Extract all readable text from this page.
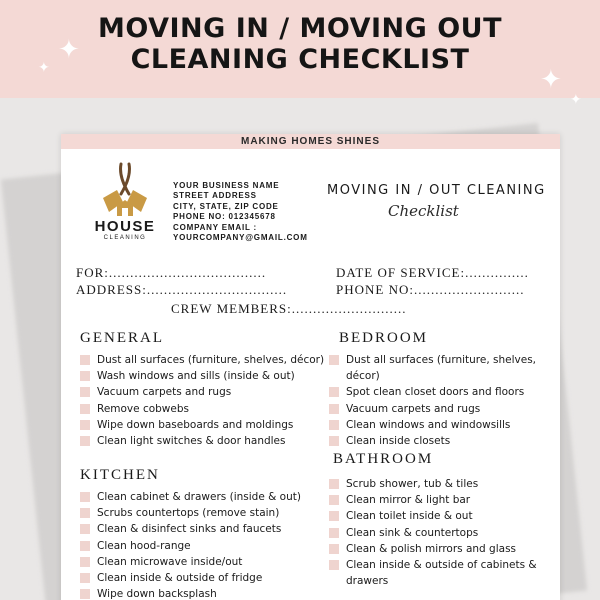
MOVING IN / MOVING OUT
CLEANING CHECKLIST
✦
✦	✦
✦
MAKING HOMES SHINES
HOUSE
CLEANING
YOUR BUSINESS NAME
STREET ADDRESS
CITY, STATE, ZIP CODE
PHONE NO: 012345678
COMPANY EMAIL :
YOURCOMPANY@GMAIL.COM
MOVING IN / OUT CLEANING
Checklist
FOR:.....................................
ADDRESS:.................................
DATE OF SERVICE:...............
PHONE NO:..........................
CREW MEMBERS:...........................
GENERAL
Dust all surfaces (furniture, shelves, décor)
Wash windows and sills (inside & out)
Vacuum carpets and rugs
Remove cobwebs
Wipe down baseboards and moldings
Clean light switches & door handles
KITCHEN
Clean cabinet & drawers (inside & out)
Scrubs countertops (remove stain)
Clean & disinfect sinks and faucets
Clean hood-range
Clean microwave inside/out
Clean inside & outside of fridge
Wipe down backsplash
BEDROOM
Dust all surfaces (furniture, shelves, décor)
Spot clean closet doors and floors
Vacuum carpets and rugs
Clean windows and windowsills
Clean inside closets
BATHROOM
Scrub shower, tub & tiles
Clean mirror & light bar
Clean toilet inside & out
Clean sink & countertops
Clean & polish mirrors and glass
Clean inside & outside of cabinets &
drawers
